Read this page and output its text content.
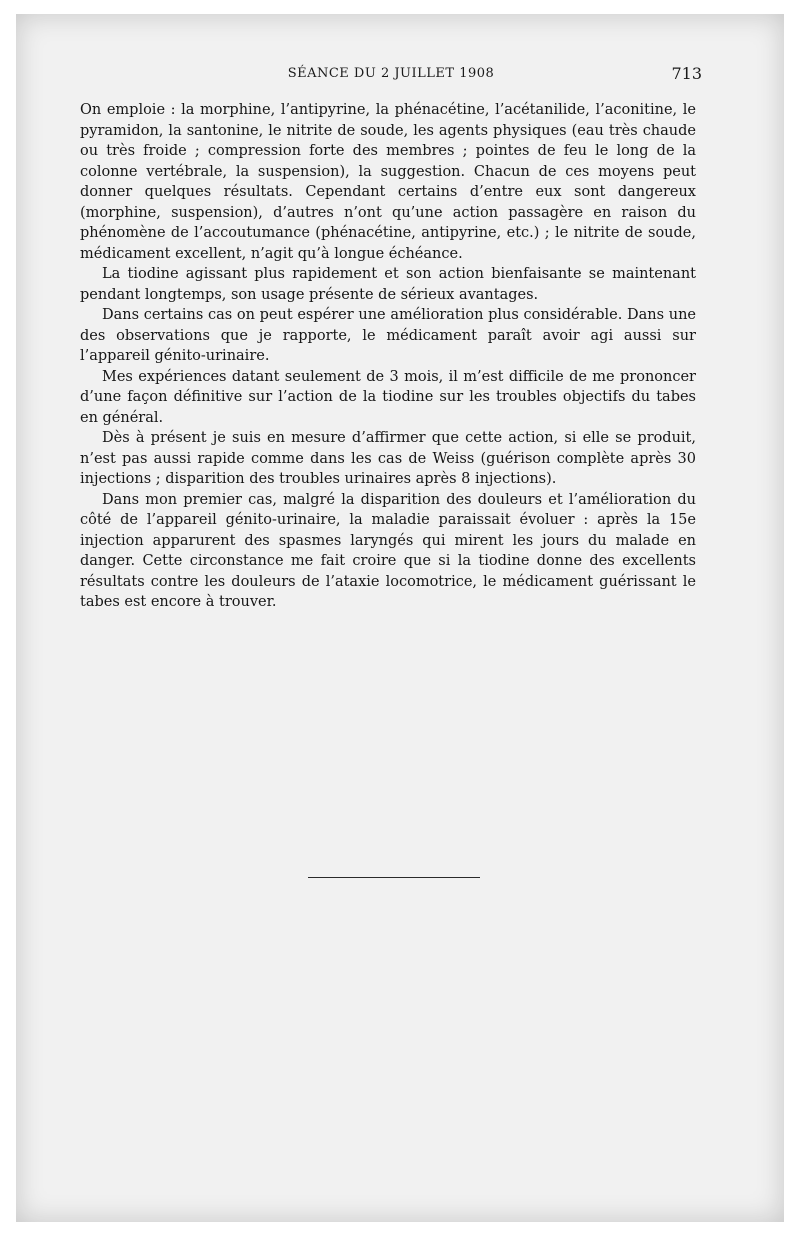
SÉANCE DU 2 JUILLET 1908	713

On emploie : la morphine, l’antipyrine, la phénacétine, l’acétanilide, l’aconitine, le pyramidon, la santonine, le nitrite de soude, les agents physiques (eau très chaude ou très froide ; compression forte des membres ; pointes de feu le long de la colonne vertébrale, la suspension), la suggestion. Chacun de ces moyens peut donner quelques résultats. Cependant certains d’entre eux sont dangereux (morphine, suspension), d’autres n’ont qu’une action passagère en raison du phénomène de l’accoutumance (phénacétine, antipyrine, etc.) ; le nitrite de soude, médicament excellent, n’agit qu’à longue échéance.

La tiodine agissant plus rapidement et son action bienfaisante se maintenant pendant longtemps, son usage présente de sérieux avantages.

Dans certains cas on peut espérer une amélioration plus considérable. Dans une des observations que je rapporte, le médicament paraît avoir agi aussi sur l’appareil génito-urinaire.

Mes expériences datant seulement de 3 mois, il m’est difficile de me prononcer d’une façon définitive sur l’action de la tiodine sur les troubles objectifs du tabes en général.

Dès à présent je suis en mesure d’affirmer que cette action, si elle se produit, n’est pas aussi rapide comme dans les cas de Weiss (guérison complète après 30 injections ; disparition des troubles urinaires après 8 injections).

Dans mon premier cas, malgré la disparition des douleurs et l’amélioration du côté de l’appareil génito-urinaire, la maladie paraissait évoluer : après la 15e injection apparurent des spasmes laryngés qui mirent les jours du malade en danger. Cette circonstance me fait croire que si la tiodine donne des excellents résultats contre les douleurs de l’ataxie locomotrice, le médicament guérissant le tabes est encore à trouver.
